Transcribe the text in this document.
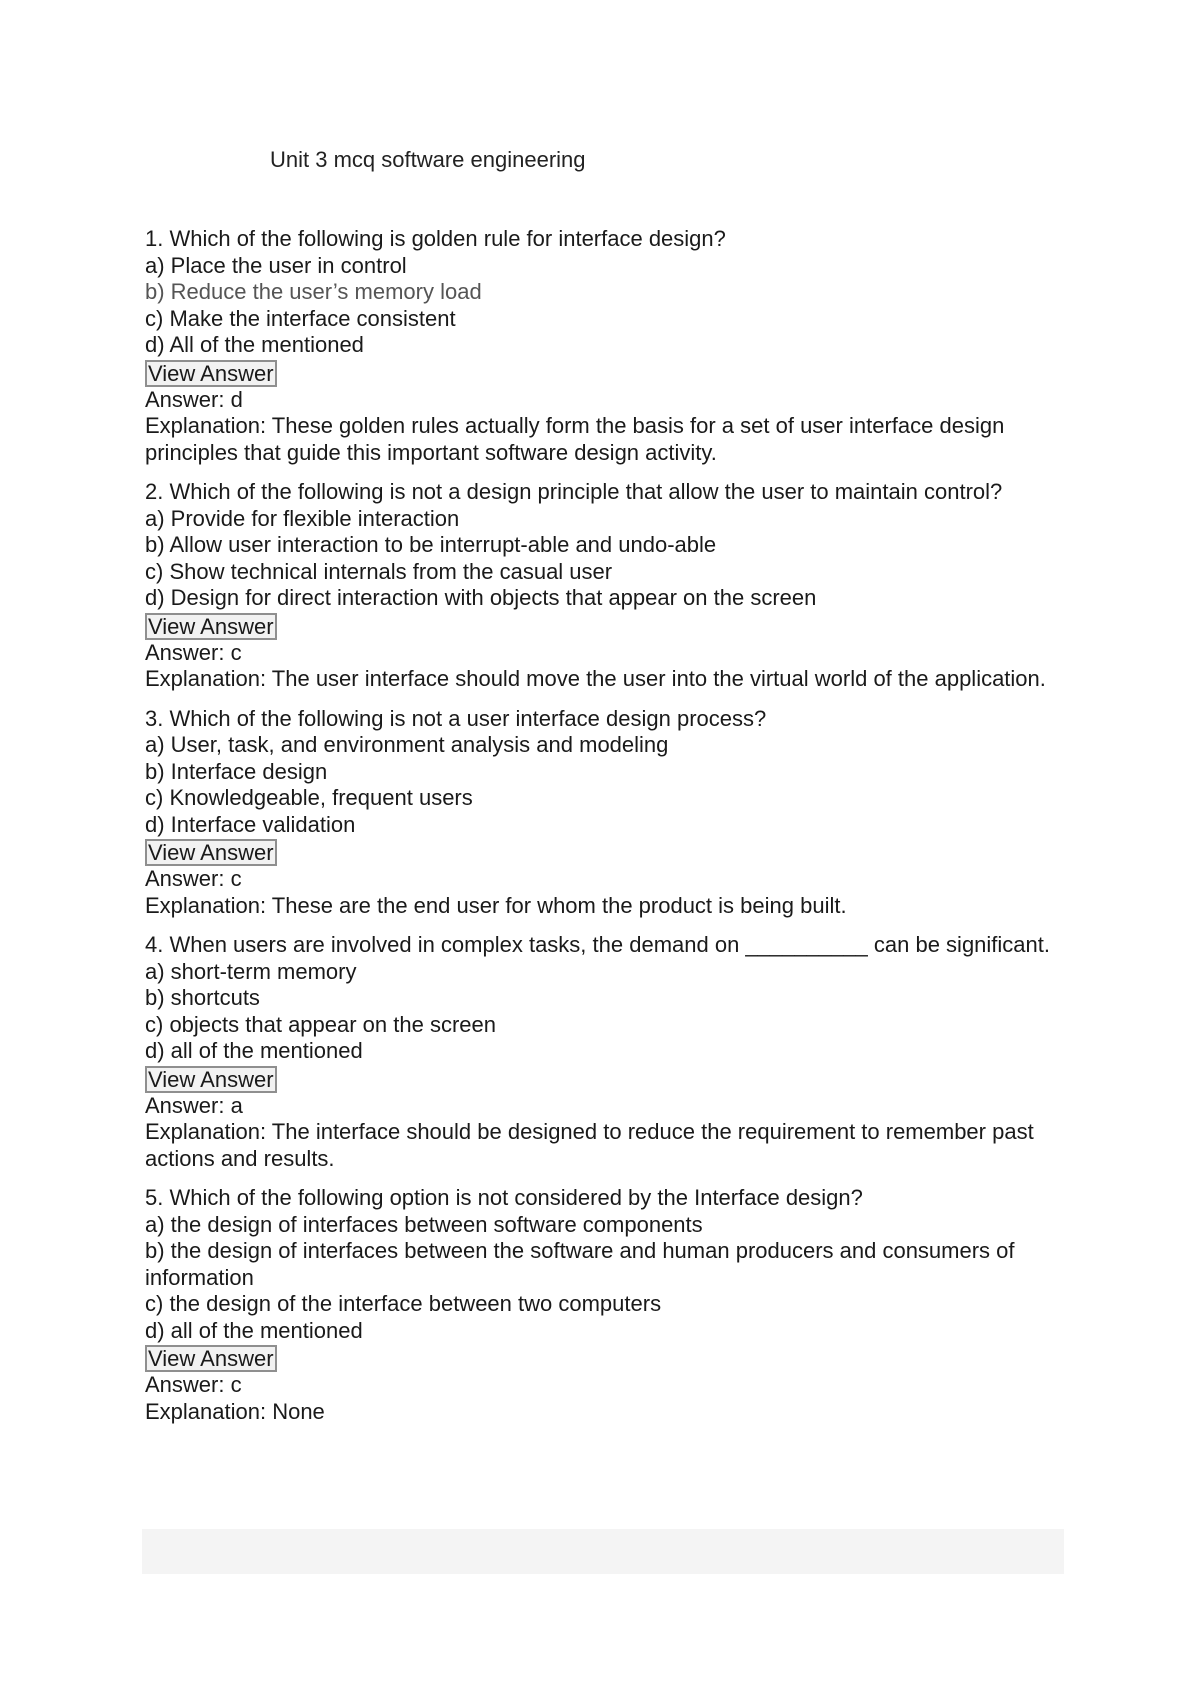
Unit 3 mcq software engineering
1. Which of the following is golden rule for interface design?
a) Place the user in control
b) Reduce the user’s memory load
c) Make the interface consistent
d) All of the mentioned
View Answer
Answer: d
Explanation: These golden rules actually form the basis for a set of user interface design principles that guide this important software design activity.
2. Which of the following is not a design principle that allow the user to maintain control?
a) Provide for flexible interaction
b) Allow user interaction to be interrupt-able and undo-able
c) Show technical internals from the casual user
d) Design for direct interaction with objects that appear on the screen
View Answer
Answer: c
Explanation: The user interface should move the user into the virtual world of the application.
3. Which of the following is not a user interface design process?
a) User, task, and environment analysis and modeling
b) Interface design
c) Knowledgeable, frequent users
d) Interface validation
View Answer
Answer: c
Explanation: These are the end user for whom the product is being built.
4. When users are involved in complex tasks, the demand on __________ can be significant.
a) short-term memory
b) shortcuts
c) objects that appear on the screen
d) all of the mentioned
View Answer
Answer: a
Explanation: The interface should be designed to reduce the requirement to remember past actions and results.
5. Which of the following option is not considered by the Interface design?
a) the design of interfaces between software components
b) the design of interfaces between the software and human producers and consumers of information
c) the design of the interface between two computers
d) all of the mentioned
View Answer
Answer: c
Explanation: None
